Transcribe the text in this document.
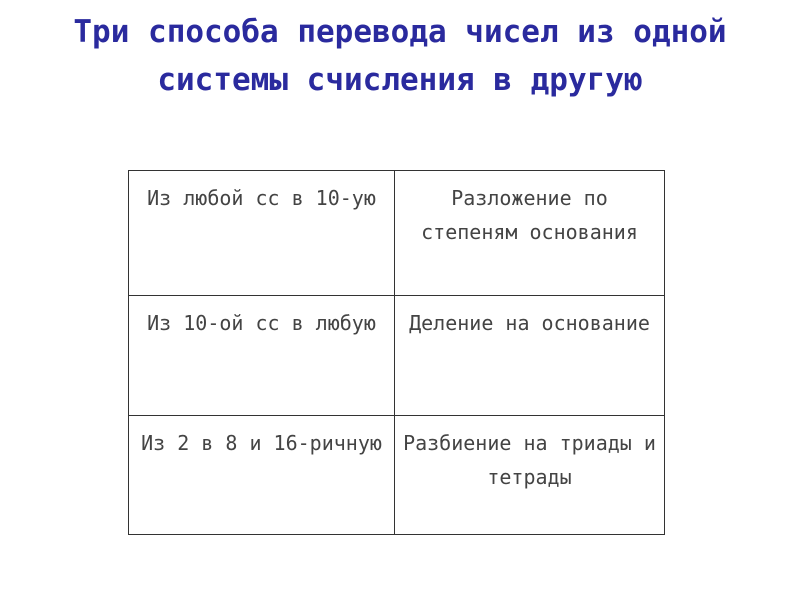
Три способа перевода чисел из одной системы счисления в другую
Из любой сс в 10-ую	Разложение по степеням основания
Из 10-ой сс в любую	Деление на основание
Из 2 в 8 и 16-ричную	Разбиение на триады и тетрады
